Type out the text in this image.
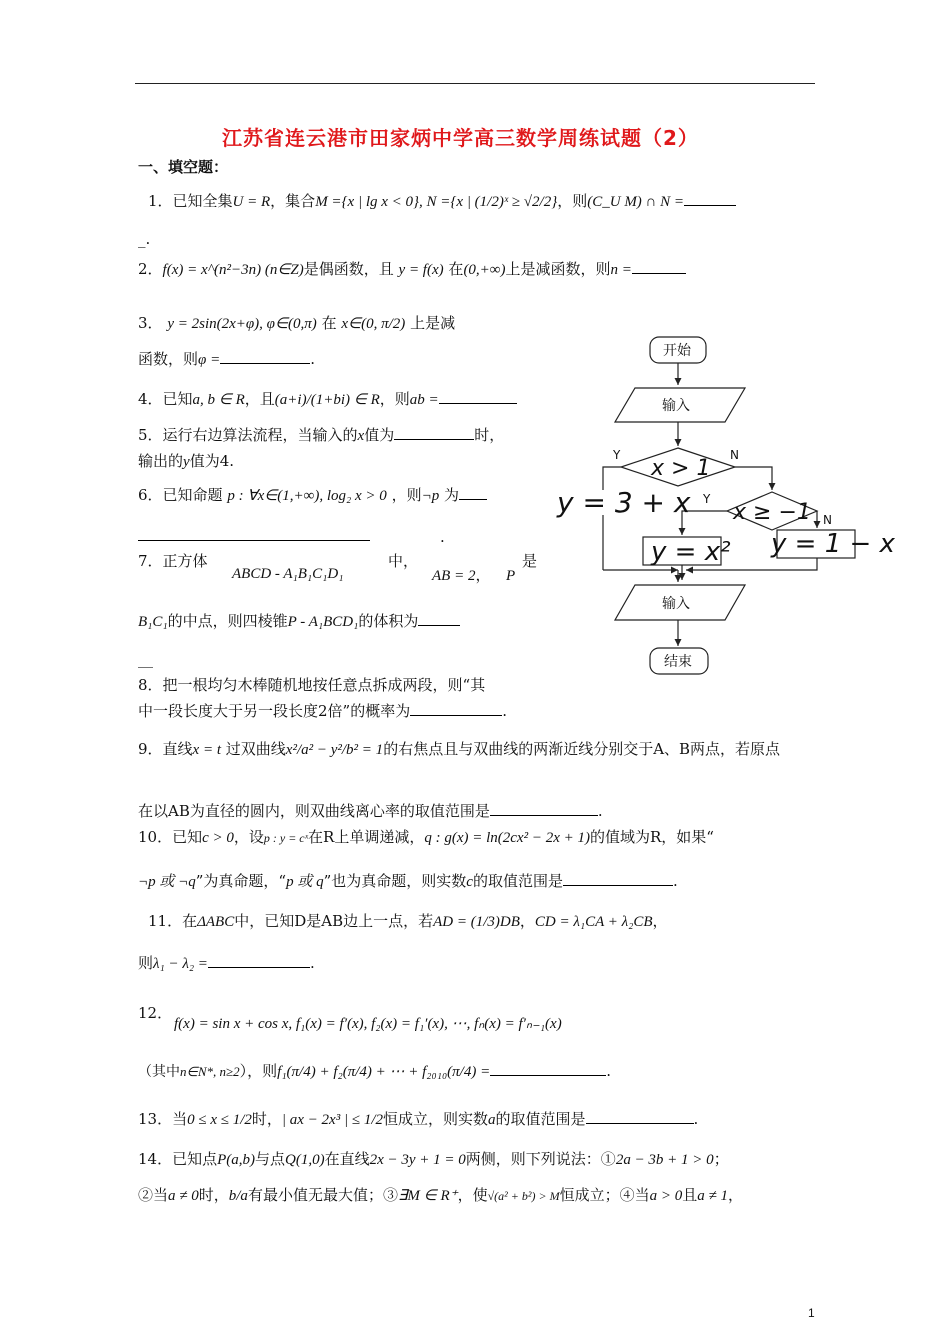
江苏省连云港市田家炳中学高三数学周练试题（2）
一、填空题：
1．已知全集U = R，集合M ={x | lg x < 0}, N ={x | (1/2)ˣ ≥ √2/2}，则(C_U M) ∩ N =
_.
2．f(x) = x^(n²−3n) (n∈Z)是偶函数，且 y = f(x) 在(0,+∞)上是减函数，则n =
3． y = 2sin(2x+φ), φ∈(0,π) 在 x∈(0, π/2) 上是减
函数，则φ =	.
4．已知a, b ∈ R，且(a+i)/(1+bi) ∈ R，则ab =
5．运行右边算法流程，当输入的x值为	时，
输出的y值为4.
6．已知命题 p : ∀x∈(1,+∞), log₂ x > 0 ，则¬p 为
.
7．正方体
ABCD - A₁B₁C₁D₁
中，
AB = 2， P
是
B₁C₁的中点，则四棱锥P - A₁BCD₁的体积为
__
8．把一根均匀木棒随机地按任意点拆成两段，则“其
中一段长度大于另一段长度2倍”的概率为	.
9．直线x = t 过双曲线x²/a² − y²/b² = 1的右焦点且与双曲线的两渐近线分别交于A、B两点，若原点
在以AB为直径的圆内，则双曲线离心率的取值范围是	.
10．已知c > 0，设p : y = cˣ在R上单调递减，q : g(x) = ln(2cx² − 2x + 1)的值域为R，如果“
¬p 或 ¬q”为真命题，“p 或 q”也为真命题，则实数c的取值范围是	.
11．在ΔABC中，已知D是AB边上一点，若AD = (1/3)DB，CD = λ₁CA + λ₂CB，
则λ₁ − λ₂ =	.
12．
f(x) = sin x + cos x, f₁(x) = f′(x), f₂(x) = f₁′(x), ⋯, fₙ(x) = f′ₙ₋₁(x)
（其中n∈N*, n≥2），则f₁(π/4) + f₂(π/4) + ⋯ + f₂₀₁₀(π/4) =	.
13．当0 ≤ x ≤ 1/2时，| ax − 2x³ | ≤ 1/2恒成立，则实数a的取值范围是	.
14．已知点P(a,b)与点Q(1,0)在直线2x − 3y + 1 = 0两侧，则下列说法：①2a − 3b + 1 > 0；
②当a ≠ 0时，b/a有最小值无最大值；③∃M ∈ R⁺，使√(a² + b²) > M恒成立；④当a > 0且a ≠ 1，
1
开始
输入
x > 1
Y	N
y = 3 + x x ≥ −1
Y
N
y = x² y = 1 − x
输入
结束
